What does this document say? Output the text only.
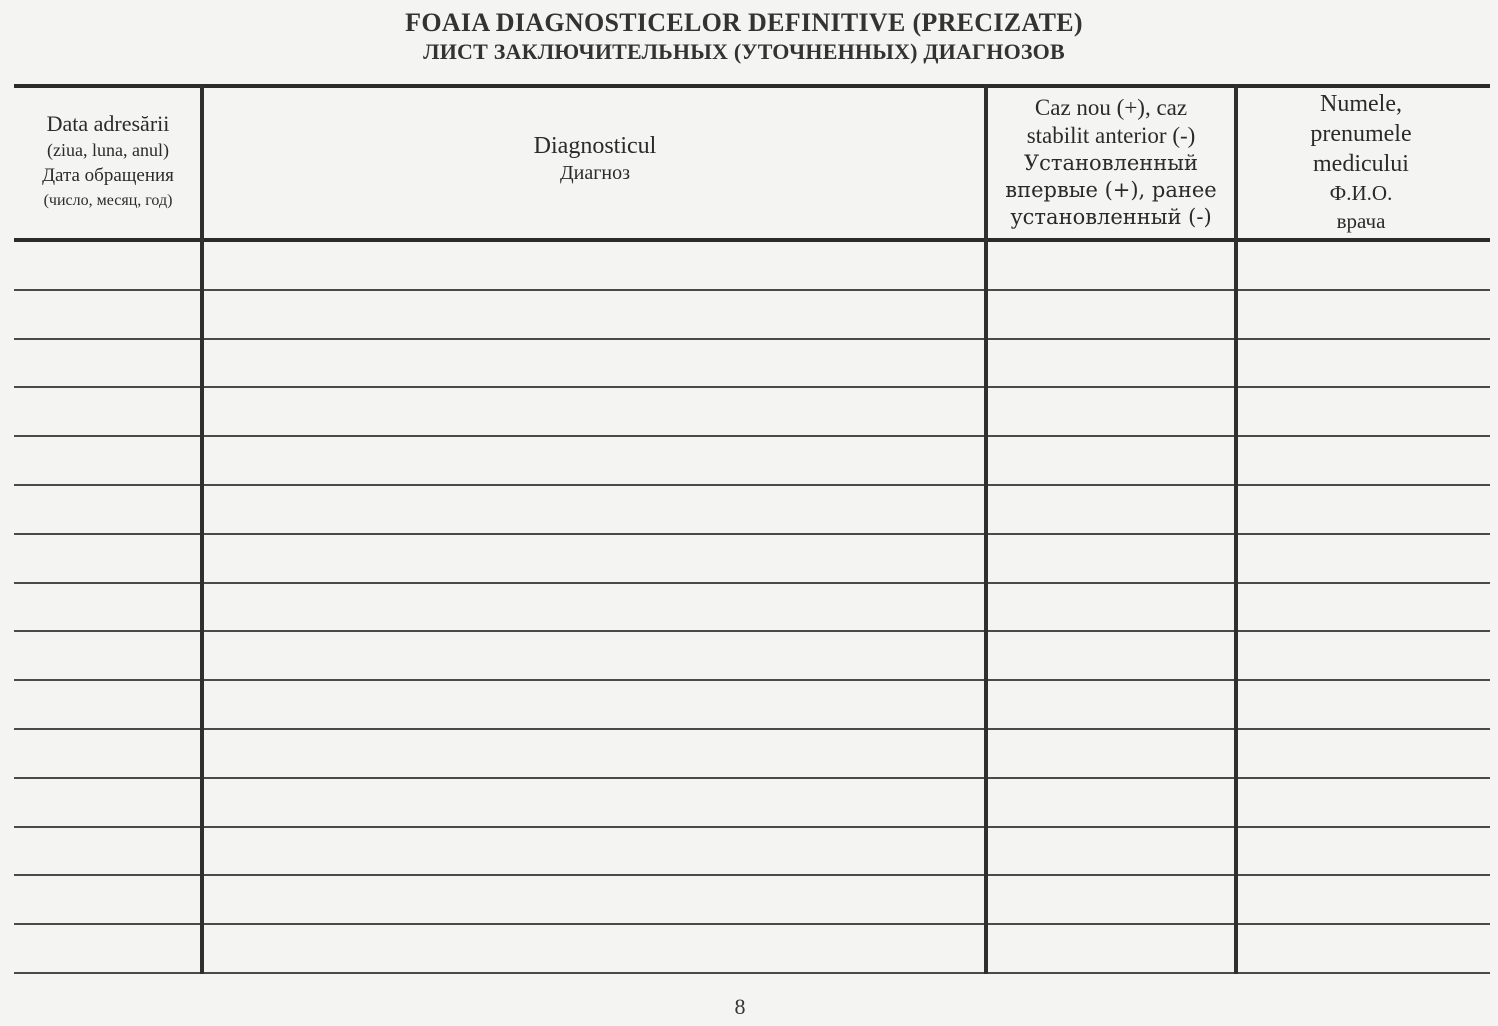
FOAIA DIAGNOSTICELOR DEFINITIVE (PRECIZATE)
ЛИСТ ЗАКЛЮЧИТЕЛЬНЫХ (УТОЧНЕННЫХ) ДИАГНОЗОВ
Data adresării
(ziua, luna, anul)
Дата обращения
(число, месяц, год)
Diagnosticul
Диагноз
Caz nou (+), caz
stabilit anterior (-)
Установленный
впервые (+), ранее
установленный (-)
Numele,
prenumele
medicului
Ф.И.О.
врача
8
